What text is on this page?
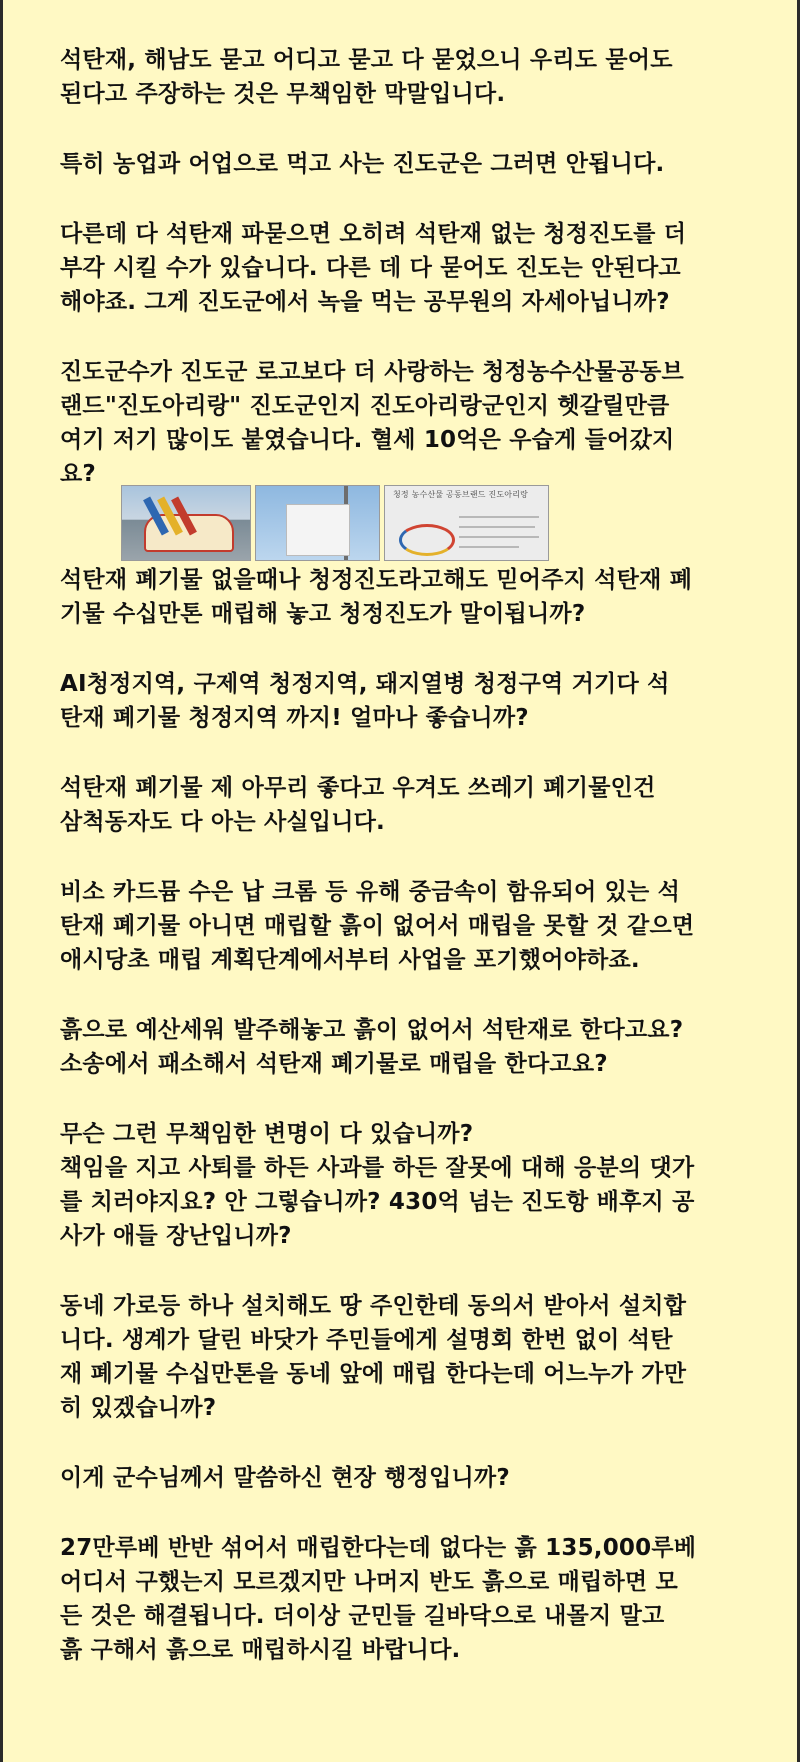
석탄재, 해남도 묻고 어디고 묻고 다 묻었으니 우리도 묻어도
된다고 주장하는 것은 무책임한 막말입니다.

특히 농업과 어업으로 먹고 사는 진도군은 그러면 안됩니다.

다른데 다 석탄재 파묻으면 오히려 석탄재 없는 청정진도를 더
부각 시킬 수가 있습니다. 다른 데 다 묻어도 진도는 안된다고
해야죠. 그게 진도군에서 녹을 먹는 공무원의 자세아닙니까?

진도군수가 진도군 로고보다 더 사랑하는 청정농수산물공동브
랜드"진도아리랑" 진도군인지 진도아리랑군인지 헷갈릴만큼
여기 저기 많이도 붙였습니다. 혈세 10억은 우습게 들어갔지
요?

청정 농수산물 공동브랜드 진도아리랑

석탄재 폐기물 없을때나 청정진도라고해도 믿어주지 석탄재 폐
기물 수십만톤 매립해 놓고 청정진도가 말이됩니까?

AI청정지역, 구제역 청정지역, 돼지열병 청정구역 거기다 석
탄재 폐기물 청정지역 까지! 얼마나 좋습니까?

석탄재 폐기물 제 아무리 좋다고 우겨도 쓰레기 폐기물인건
삼척동자도 다 아는 사실입니다.

비소 카드뮴 수은 납 크롬 등 유해 중금속이 함유되어 있는 석
탄재 폐기물 아니면 매립할 흙이 없어서 매립을 못할 것 같으면
애시당초 매립 계획단계에서부터 사업을 포기했어야하죠.

흙으로 예산세워 발주해놓고 흙이 없어서 석탄재로 한다고요?
소송에서 패소해서 석탄재 폐기물로 매립을 한다고요?

무슨 그런 무책임한 변명이 다 있습니까?
책임을 지고 사퇴를 하든 사과를 하든 잘못에 대해 응분의 댓가
를 치러야지요? 안 그렇습니까? 430억 넘는 진도항 배후지 공
사가 애들 장난입니까?

동네 가로등 하나 설치해도 땅 주인한테 동의서 받아서 설치합
니다. 생계가 달린 바닷가 주민들에게 설명회 한번 없이 석탄
재 폐기물 수십만톤을 동네 앞에 매립 한다는데 어느누가 가만
히 있겠습니까?

이게 군수님께서 말씀하신 현장 행정입니까?

27만루베 반반 섞어서 매립한다는데 없다는 흙 135,000루베
어디서 구했는지 모르겠지만 나머지 반도 흙으로 매립하면 모
든 것은 해결됩니다. 더이상 군민들 길바닥으로 내몰지 말고
흙 구해서 흙으로 매립하시길 바랍니다.
